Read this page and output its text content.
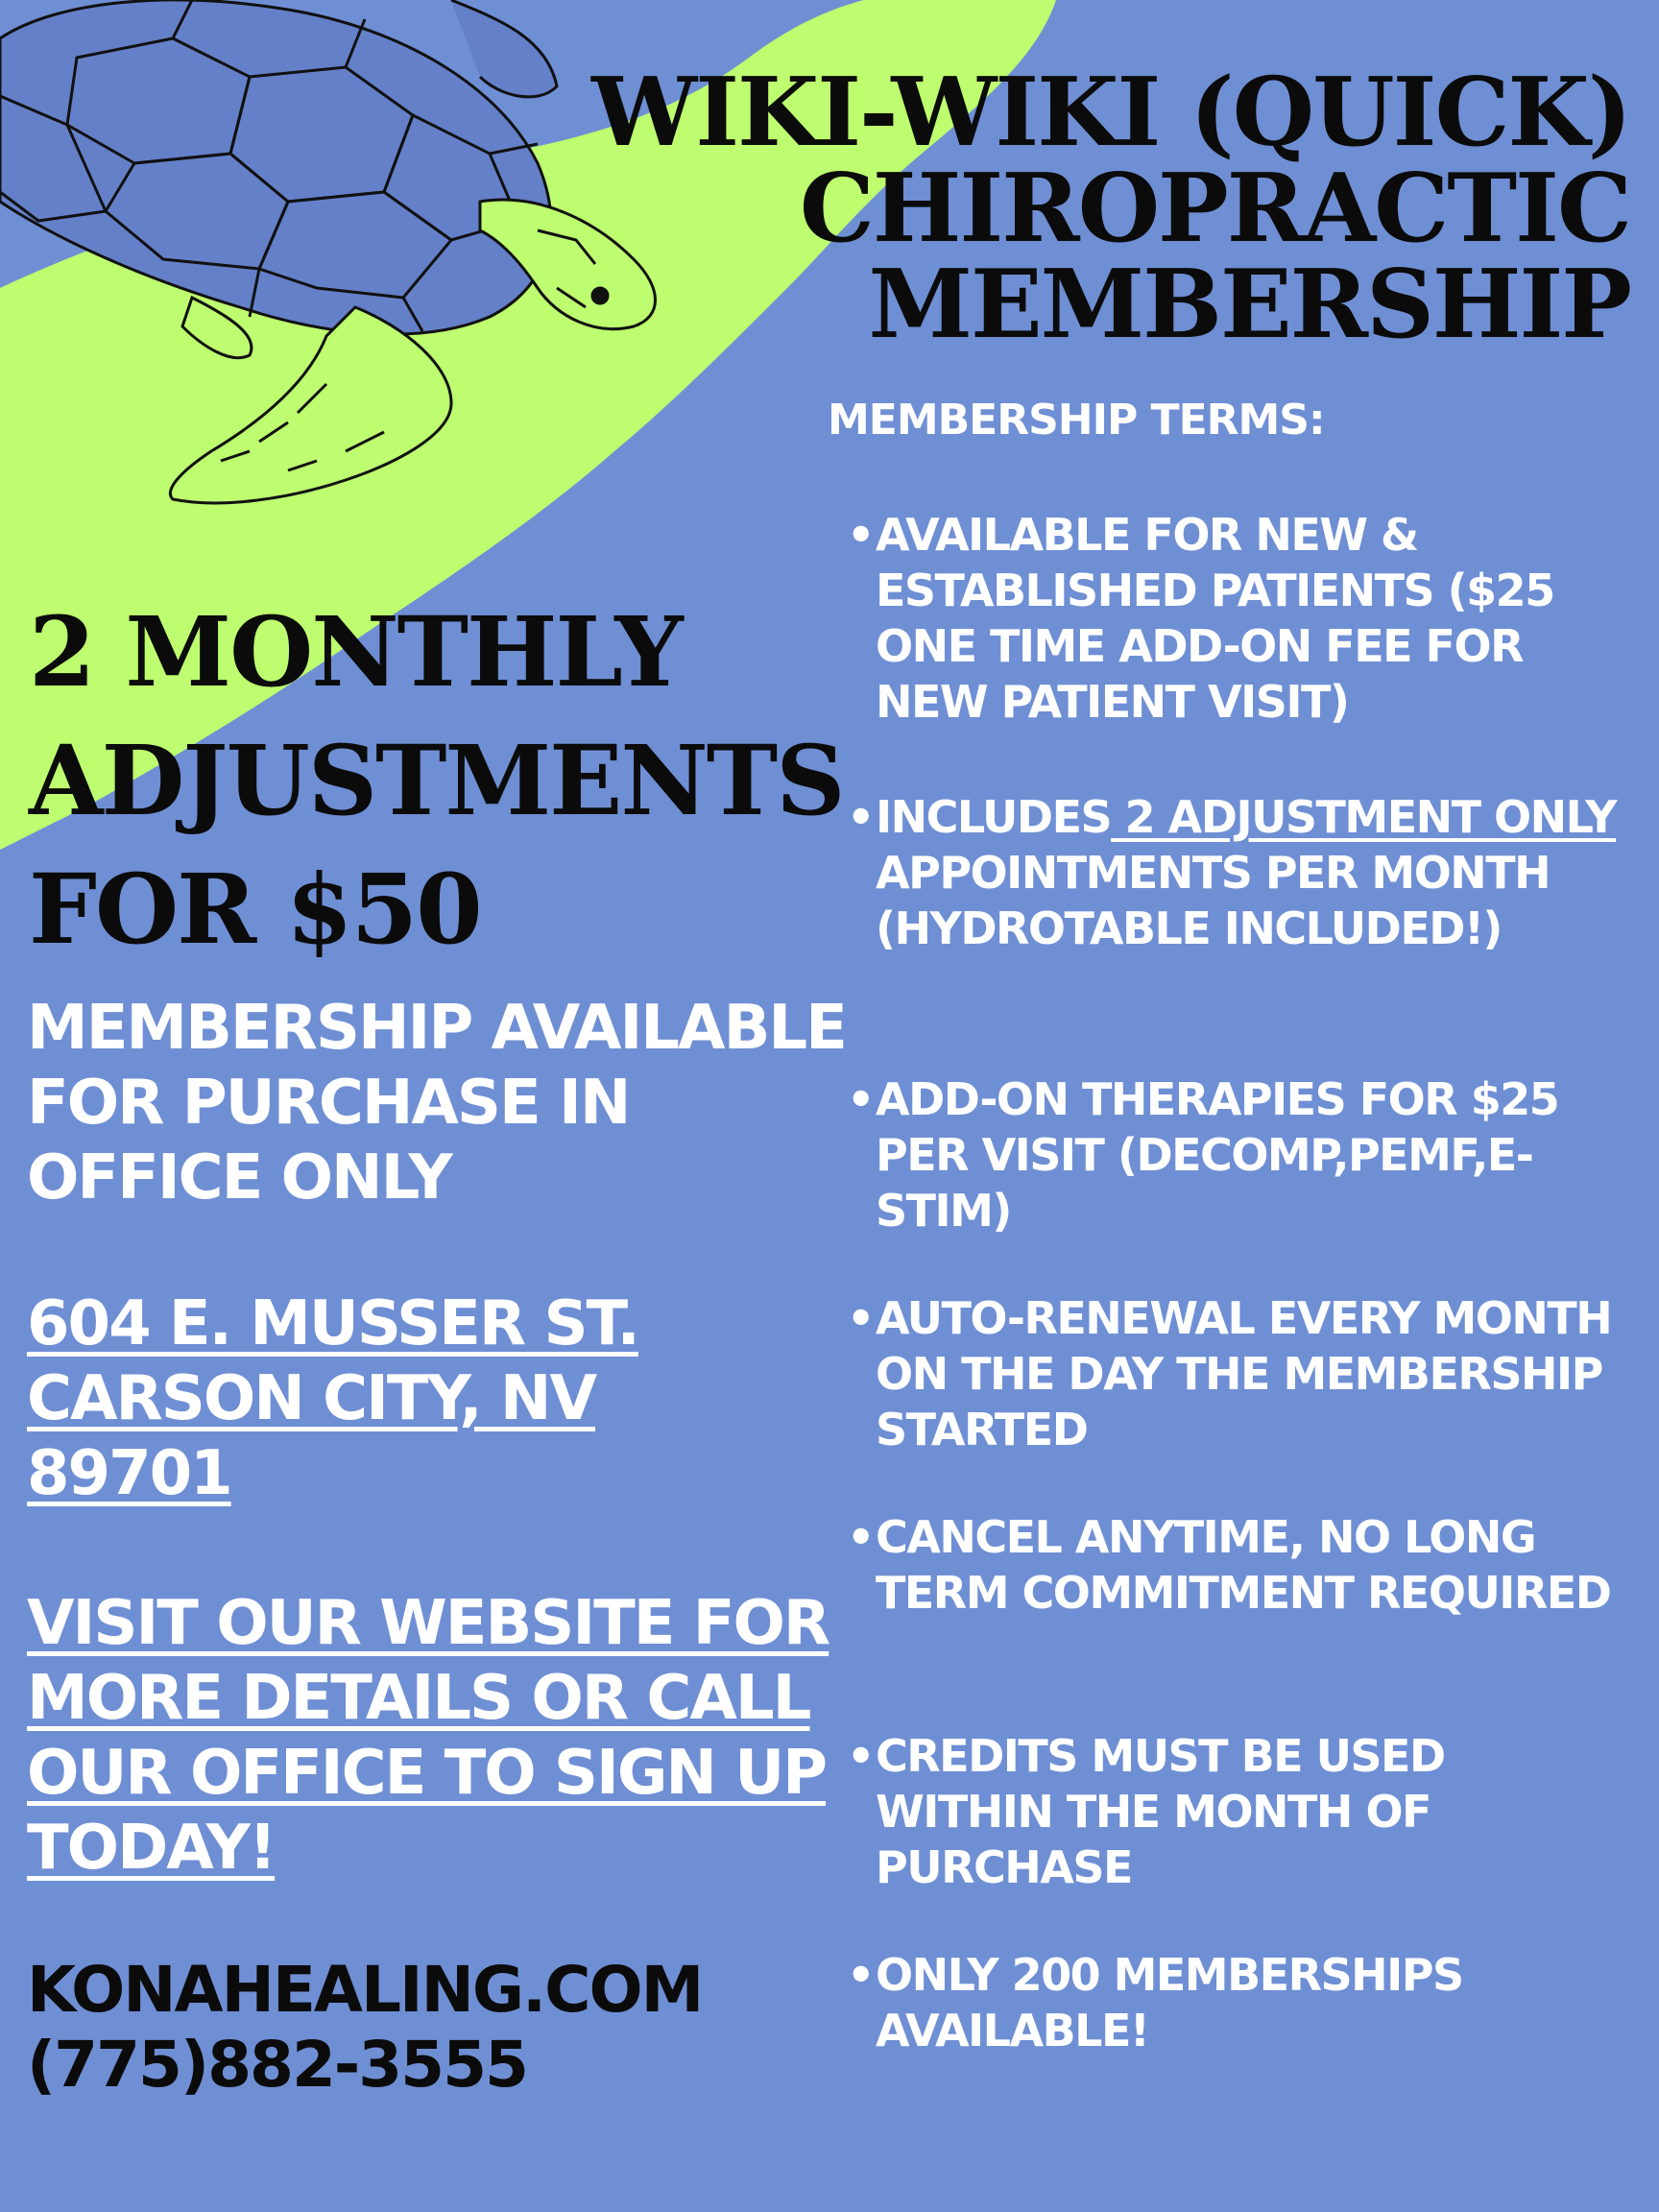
WIKI-WIKI (QUICK)
CHIROPRACTIC
MEMBERSHIP
MEMBERSHIP TERMS:
• AVAILABLE FOR NEW & ESTABLISHED PATIENTS ($25 ONE TIME ADD-ON FEE FOR NEW PATIENT VISIT)
• INCLUDES 2 ADJUSTMENT ONLY APPOINTMENTS PER MONTH (HYDROTABLE INCLUDED!)
• ADD-ON THERAPIES FOR $25 PER VISIT (DECOMP,PEMF,E-STIM)
• AUTO-RENEWAL EVERY MONTH ON THE DAY THE MEMBERSHIP STARTED
• CANCEL ANYTIME, NO LONG TERM COMMITMENT REQUIRED
• CREDITS MUST BE USED WITHIN THE MONTH OF PURCHASE
• ONLY 200 MEMBERSHIPS AVAILABLE!
2 MONTHLY
ADJUSTMENTS
FOR $50
MEMBERSHIP AVAILABLE
FOR PURCHASE IN
OFFICE ONLY
604 E. MUSSER ST.
CARSON CITY, NV
89701
VISIT OUR WEBSITE FOR
MORE DETAILS OR CALL
OUR OFFICE TO SIGN UP
TODAY!
KONAHEALING.COM
(775)882-3555
